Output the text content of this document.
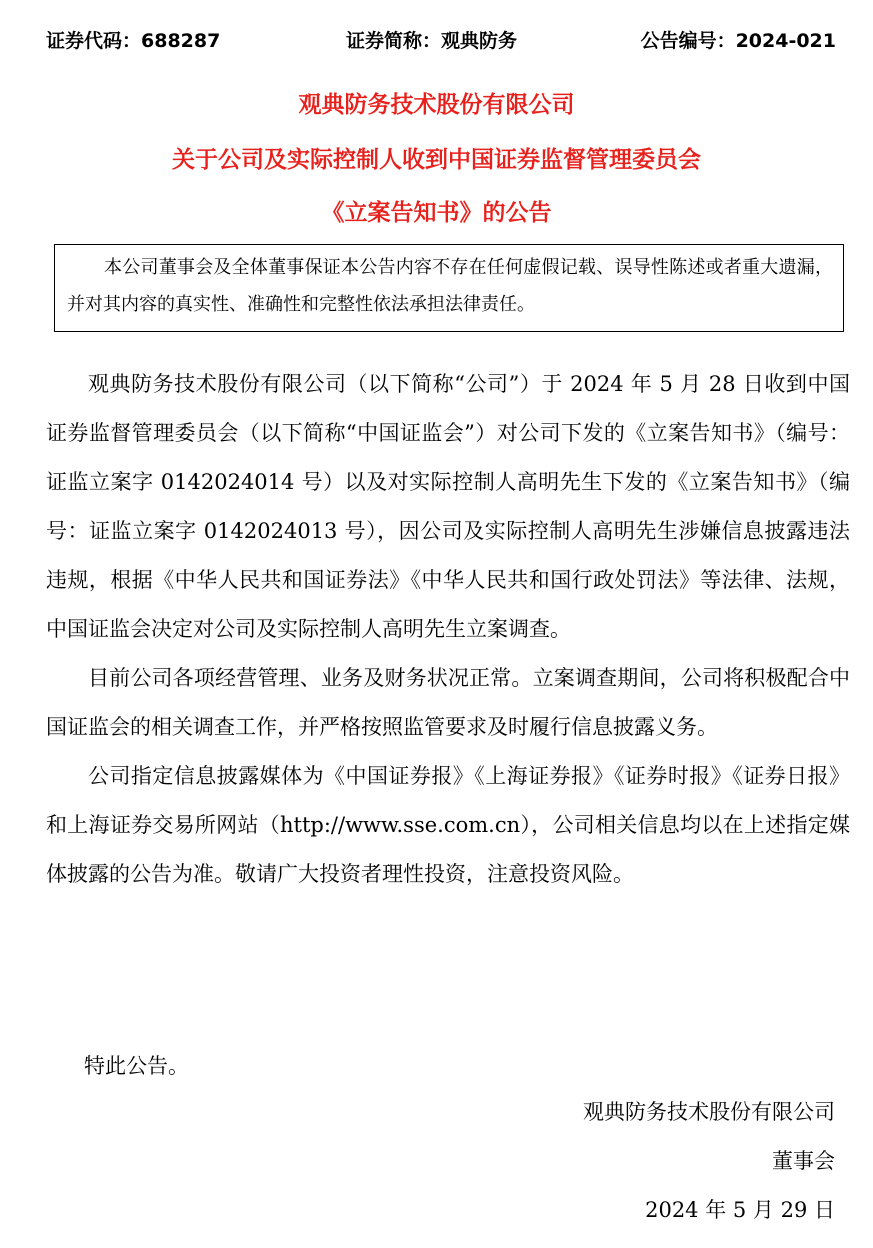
证券代码：688287	证券简称：观典防务	公告编号：2024-021
观典防务技术股份有限公司
关于公司及实际控制人收到中国证券监督管理委员会
《立案告知书》的公告
本公司董事会及全体董事保证本公告内容不存在任何虚假记载、误导性陈述或者重大遗漏，并对其内容的真实性、准确性和完整性依法承担法律责任。

观典防务技术股份有限公司（以下简称“公司”）于 2024 年 5 月 28 日收到中国证券监督管理委员会（以下简称“中国证监会”）对公司下发的《立案告知书》（编号：证监立案字 0142024014 号）以及对实际控制人高明先生下发的《立案告知书》（编号：证监立案字 0142024013 号），因公司及实际控制人高明先生涉嫌信息披露违法违规，根据《中华人民共和国证券法》《中华人民共和国行政处罚法》等法律、法规，中国证监会决定对公司及实际控制人高明先生立案调查。

目前公司各项经营管理、业务及财务状况正常。立案调查期间，公司将积极配合中国证监会的相关调查工作，并严格按照监管要求及时履行信息披露义务。

公司指定信息披露媒体为《中国证券报》《上海证券报》《证券时报》《证券日报》和上海证券交易所网站（http://www.sse.com.cn），公司相关信息均以在上述指定媒体披露的公告为准。敬请广大投资者理性投资，注意投资风险。

特此公告。
观典防务技术股份有限公司
董事会
2024 年 5 月 29 日
